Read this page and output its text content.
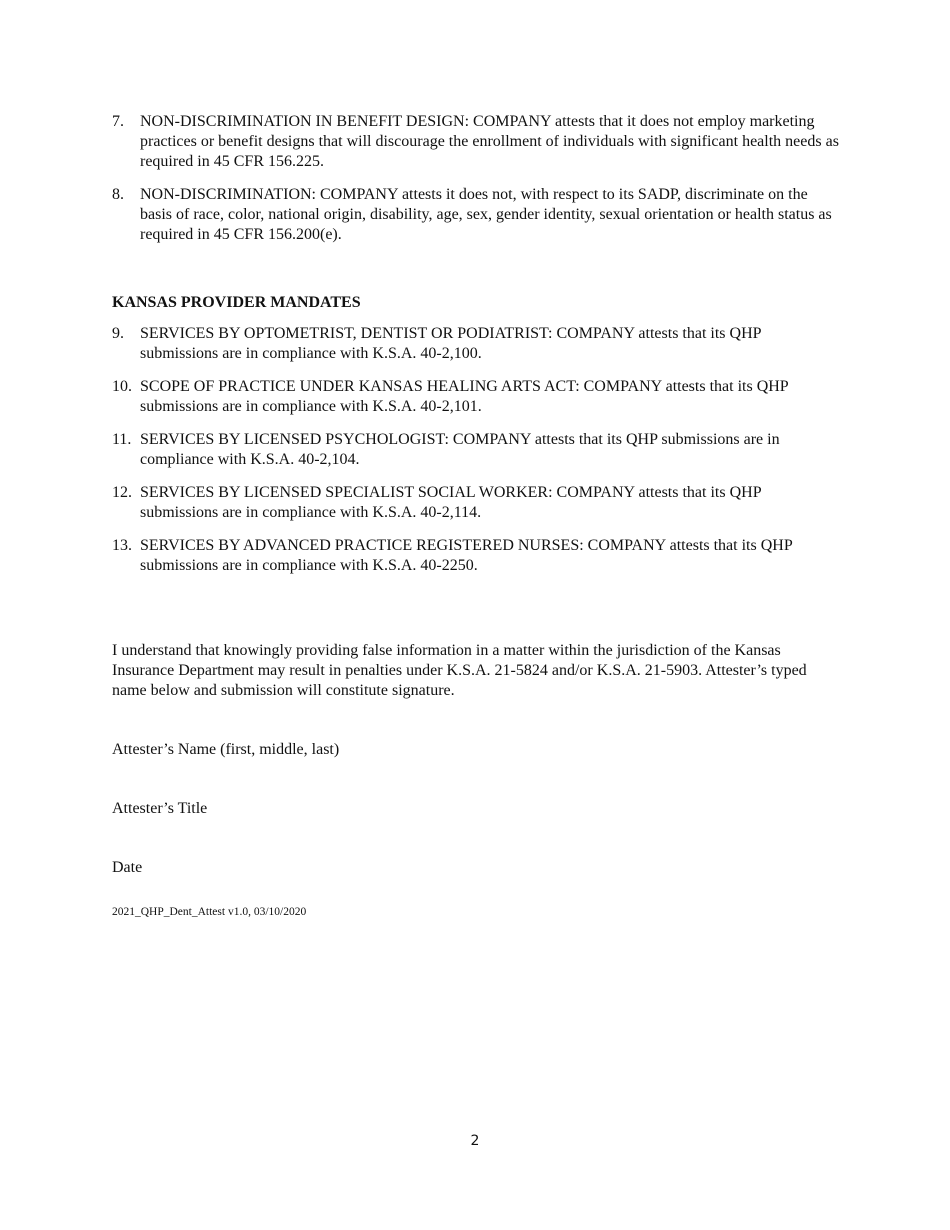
7. NON-DISCRIMINATION IN BENEFIT DESIGN: COMPANY attests that it does not employ marketing practices or benefit designs that will discourage the enrollment of individuals with significant health needs as required in 45 CFR 156.225.
8. NON-DISCRIMINATION: COMPANY attests it does not, with respect to its SADP, discriminate on the basis of race, color, national origin, disability, age, sex, gender identity, sexual orientation or health status as required in 45 CFR 156.200(e).
KANSAS PROVIDER MANDATES
9. SERVICES BY OPTOMETRIST, DENTIST OR PODIATRIST: COMPANY attests that its QHP submissions are in compliance with K.S.A. 40-2,100.
10. SCOPE OF PRACTICE UNDER KANSAS HEALING ARTS ACT: COMPANY attests that its QHP submissions are in compliance with K.S.A. 40-2,101.
11. SERVICES BY LICENSED PSYCHOLOGIST: COMPANY attests that its QHP submissions are in compliance with K.S.A. 40-2,104.
12. SERVICES BY LICENSED SPECIALIST SOCIAL WORKER: COMPANY attests that its QHP submissions are in compliance with K.S.A. 40-2,114.
13. SERVICES BY ADVANCED PRACTICE REGISTERED NURSES: COMPANY attests that its QHP submissions are in compliance with K.S.A. 40-2250.

I understand that knowingly providing false information in a matter within the jurisdiction of the Kansas Insurance Department may result in penalties under K.S.A. 21-5824 and/or K.S.A. 21-5903. Attester’s typed name below and submission will constitute signature.

Attester’s Name (first, middle, last)
Attester’s Title
Date
2021_QHP_Dent_Attest v1.0, 03/10/2020
2
